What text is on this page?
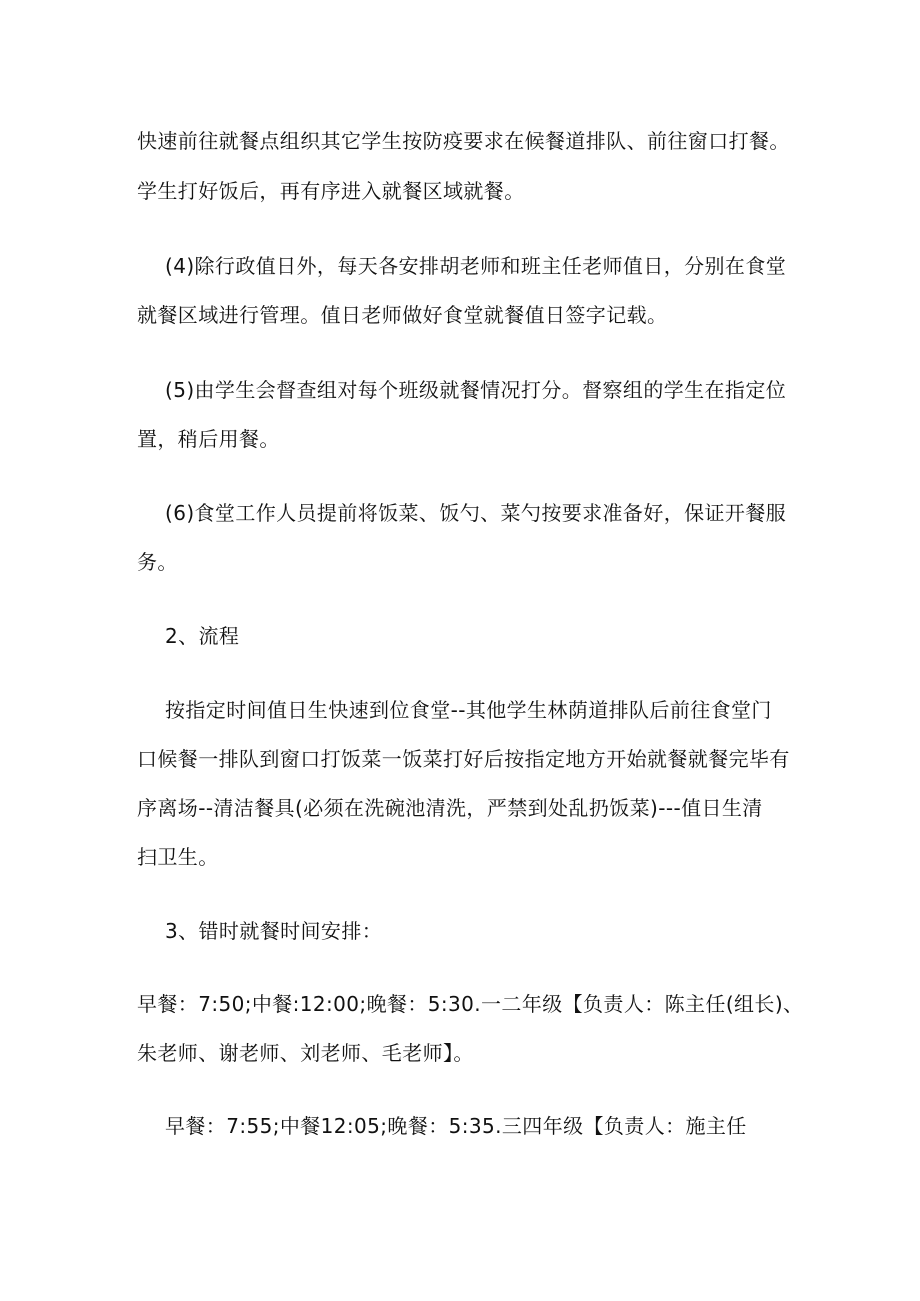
快速前往就餐点组织其它学生按防疫要求在候餐道排队、前往窗口打餐。
学生打好饭后，再有序进入就餐区域就餐。
(4)除行政值日外，每天各安排胡老师和班主任老师值日，分别在食堂
就餐区域进行管理。值日老师做好食堂就餐值日签字记载。
(5)由学生会督查组对每个班级就餐情况打分。督察组的学生在指定位
置，稍后用餐。
(6)食堂工作人员提前将饭菜、饭勺、菜勺按要求准备好，保证开餐服
务。
2、流程
按指定时间值日生快速到位食堂--其他学生林荫道排队后前往食堂门
口候餐一排队到窗口打饭菜一饭菜打好后按指定地方开始就餐就餐完毕有
序离场--清洁餐具(必须在洗碗池清洗，严禁到处乱扔饭菜)---值日生清
扫卫生。
3、错时就餐时间安排：
早餐：7:50;中餐:12:00;晚餐：5:30.一二年级【负责人：陈主任(组长)、
朱老师、谢老师、刘老师、毛老师】。
早餐：7:55;中餐12:05;晚餐：5:35.三四年级【负责人：施主任
